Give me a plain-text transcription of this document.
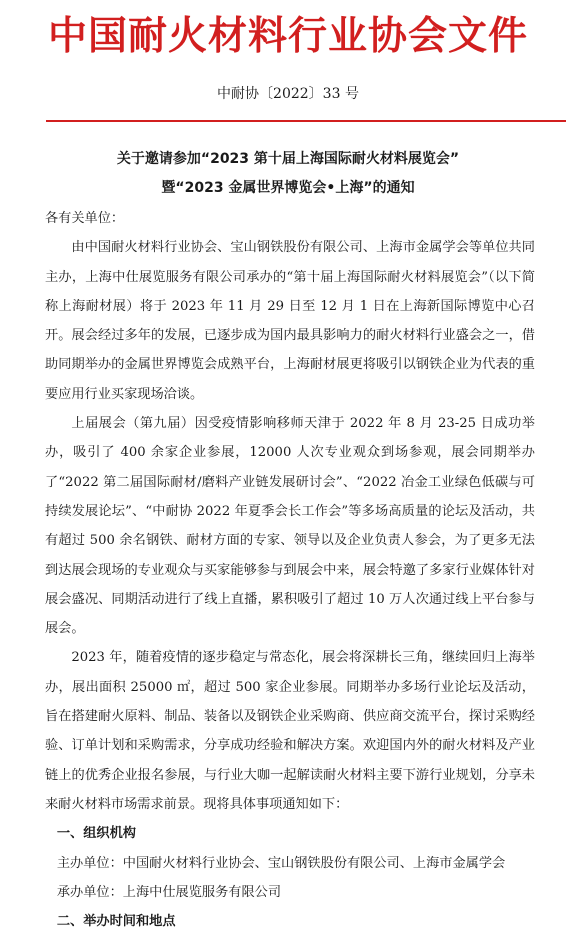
中国耐火材料行业协会文件
中耐协〔2022〕33 号
关于邀请参加“2023 第十届上海国际耐火材料展览会”
暨“2023 金属世界博览会•上海”的通知

各有关单位：

由中国耐火材料行业协会、宝山钢铁股份有限公司、上海市金属学会等单位共同主办，上海中仕展览服务有限公司承办的“第十届上海国际耐火材料展览会”（以下简称上海耐材展）将于 2023 年 11 月 29 日至 12 月 1 日在上海新国际博览中心召开。展会经过多年的发展，已逐步成为国内最具影响力的耐火材料行业盛会之一，借助同期举办的金属世界博览会成熟平台，上海耐材展更将吸引以钢铁企业为代表的重要应用行业买家现场洽谈。

上届展会（第九届）因受疫情影响移师天津于 2022 年 8 月 23-25 日成功举办，吸引了 400 余家企业参展，12000 人次专业观众到场参观，展会同期举办了“2022 第二届国际耐材/磨料产业链发展研讨会”、“2022 冶金工业绿色低碳与可持续发展论坛”、“中耐协 2022 年夏季会长工作会”等多场高质量的论坛及活动，共有超过 500 余名钢铁、耐材方面的专家、领导以及企业负责人参会，为了更多无法到达展会现场的专业观众与买家能够参与到展会中来，展会特邀了多家行业媒体针对展会盛况、同期活动进行了线上直播，累积吸引了超过 10 万人次通过线上平台参与展会。

2023 年，随着疫情的逐步稳定与常态化，展会将深耕长三角，继续回归上海举办，展出面积 25000 ㎡，超过 500 家企业参展。同期举办多场行业论坛及活动，旨在搭建耐火原料、制品、装备以及钢铁企业采购商、供应商交流平台，探讨采购经验、订单计划和采购需求，分享成功经验和解决方案。欢迎国内外的耐火材料及产业链上的优秀企业报名参展，与行业大咖一起解读耐火材料主要下游行业规划，分享未来耐火材料市场需求前景。现将具体事项通知如下：

一、组织机构

主办单位：中国耐火材料行业协会、宝山钢铁股份有限公司、上海市金属学会

承办单位：上海中仕展览服务有限公司

二、举办时间和地点
